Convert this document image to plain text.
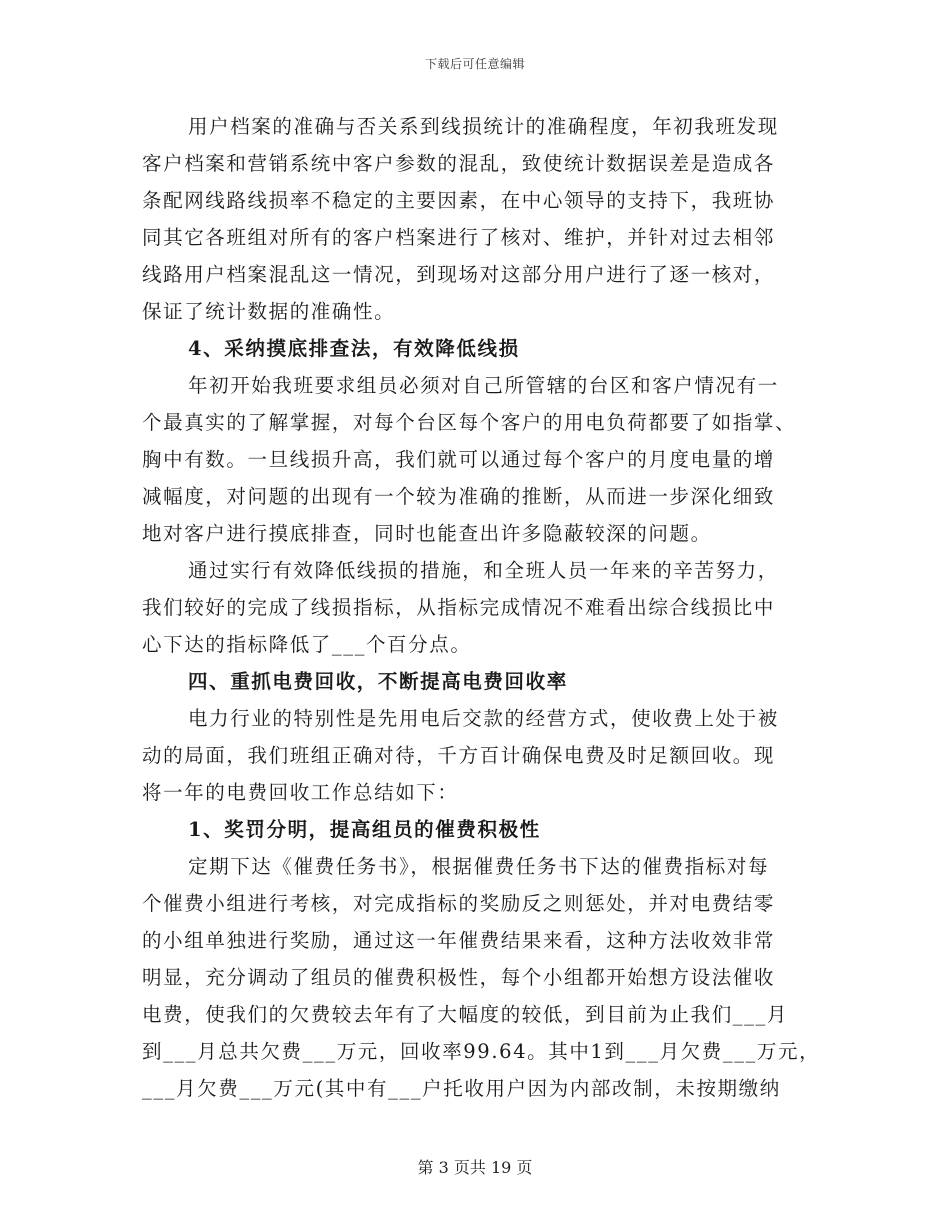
下载后可任意编辑
用户档案的准确与否关系到线损统计的准确程度，年初我班发现
客户档案和营销系统中客户参数的混乱，致使统计数据误差是造成各
条配网线路线损率不稳定的主要因素，在中心领导的支持下，我班协
同其它各班组对所有的客户档案进行了核对、维护，并针对过去相邻
线路用户档案混乱这一情况，到现场对这部分用户进行了逐一核对，
保证了统计数据的准确性。
4、采纳摸底排查法，有效降低线损
年初开始我班要求组员必须对自己所管辖的台区和客户情况有一
个最真实的了解掌握，对每个台区每个客户的用电负荷都要了如指掌、
胸中有数。一旦线损升高，我们就可以通过每个客户的月度电量的增
减幅度，对问题的出现有一个较为准确的推断，从而进一步深化细致
地对客户进行摸底排查，同时也能查出许多隐蔽较深的问题。
通过实行有效降低线损的措施，和全班人员一年来的辛苦努力，
我们较好的完成了线损指标，从指标完成情况不难看出综合线损比中
心下达的指标降低了___个百分点。
四、重抓电费回收，不断提高电费回收率
电力行业的特别性是先用电后交款的经营方式，使收费上处于被
动的局面，我们班组正确对待，千方百计确保电费及时足额回收。现
将一年的电费回收工作总结如下：
1、奖罚分明，提高组员的催费积极性
定期下达《催费任务书》，根据催费任务书下达的催费指标对每
个催费小组进行考核，对完成指标的奖励反之则惩处，并对电费结零
的小组单独进行奖励，通过这一年催费结果来看，这种方法收效非常
明显，充分调动了组员的催费积极性，每个小组都开始想方设法催收
电费，使我们的欠费较去年有了大幅度的较低，到目前为止我们___月
到___月总共欠费___万元，回收率99.64。其中1到___月欠费___万元，
___月欠费___万元(其中有___户托收用户因为内部改制，未按期缴纳
第 3 页共 19 页
